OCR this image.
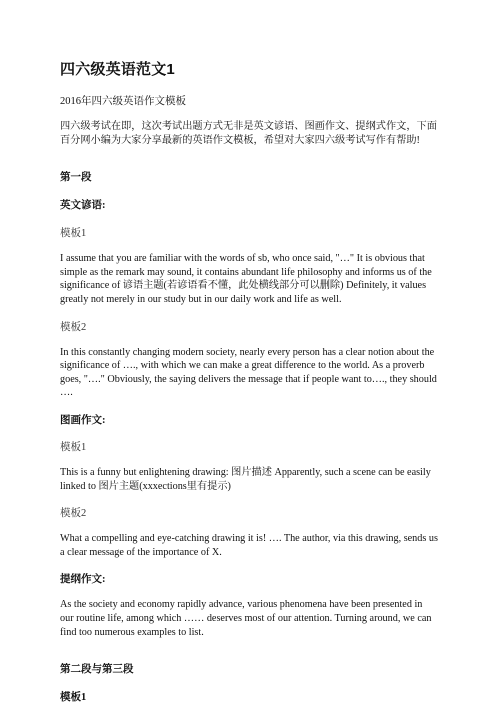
四六级英语范文1

2016年四六级英语作文模板

四六级考试在即，这次考试出题方式无非是英文谚语、图画作文、提纲式作文，下面百分网小编为大家分享最新的英语作文模板，希望对大家四六级考试写作有帮助!

第一段

英文谚语:

模板1

I assume that you are familiar with the words of sb, who once said, "…" It is obvious that simple as the remark may sound, it contains abundant life philosophy and informs us of the significance of 谚语主题(若谚语看不懂，此处横线部分可以删除) Definitely, it values greatly not merely in our study but in our daily work and life as well.

模板2

In this constantly changing modern society, nearly every person has a clear notion about the significance of …., with which we can make a great difference to the world. As a proverb goes, "…." Obviously, the saying delivers the message that if people want to…., they should ….

图画作文:

模板1

This is a funny but enlightening drawing: 图片描述 Apparently, such a scene can be easily linked to 图片主题(xxxections里有提示)

模板2

What a compelling and eye-catching drawing it is! …. The author, via this drawing, sends us a clear message of the importance of X.

提纲作文:

As the society and economy rapidly advance, various phenomena have been presented in our routine life, among which …… deserves most of our attention. Turning around, we can find too numerous examples to list.

第二段与第三段

模板1
